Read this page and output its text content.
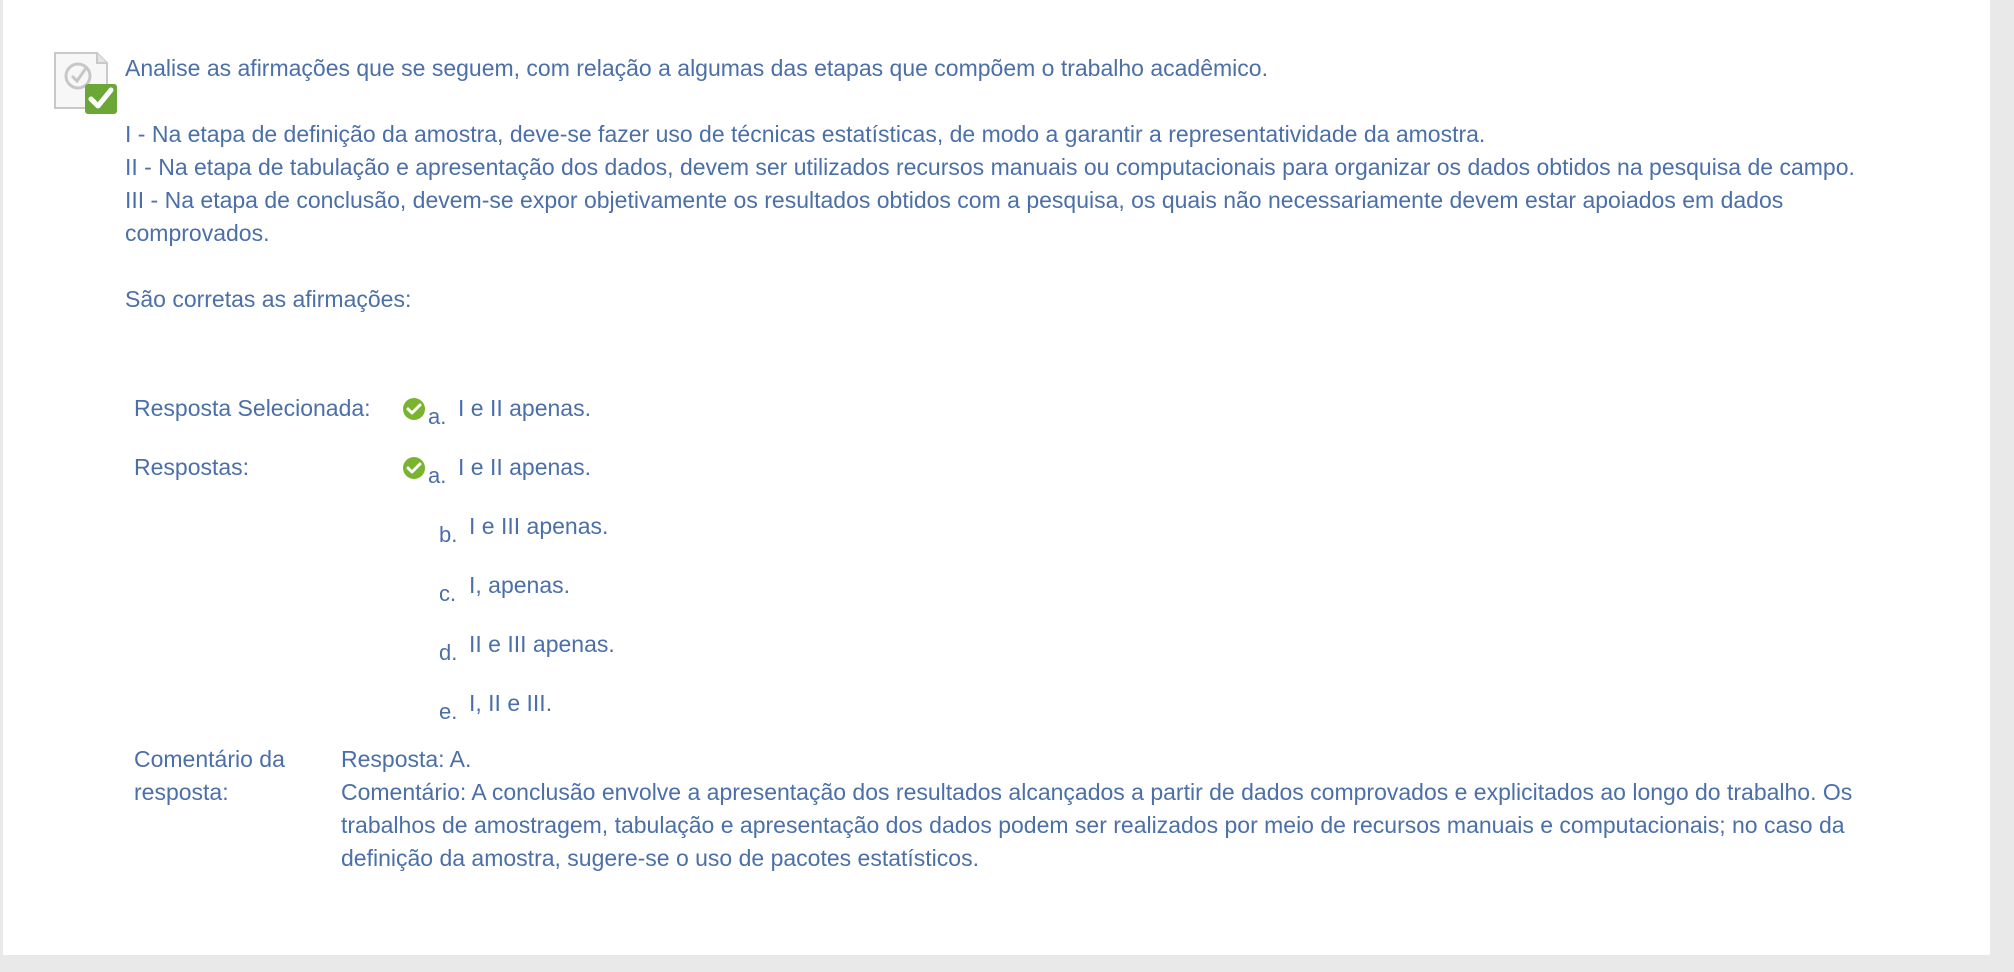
Analise as afirmações que se seguem, com relação a algumas das etapas que compõem o trabalho acadêmico.

I - Na etapa de definição da amostra, deve-se fazer uso de técnicas estatísticas, de modo a garantir a representatividade da amostra.

II - Na etapa de tabulação e apresentação dos dados, devem ser utilizados recursos manuais ou computacionais para organizar os dados obtidos na pesquisa de campo.

III - Na etapa de conclusão, devem-se expor objetivamente os resultados obtidos com a pesquisa, os quais não necessariamente devem estar apoiados em dados comprovados.

São corretas as afirmações:

Resposta Selecionada:	a. I e II apenas.
Respostas:	a. I e II apenas.
b. I e III apenas.
c. I, apenas.
d. II e III apenas.
e. I, II e III.
Comentário da
resposta:
Resposta: A.
Comentário: A conclusão envolve a apresentação dos resultados alcançados a partir de dados comprovados e explicitados ao longo do trabalho. Os trabalhos de amostragem, tabulação e apresentação dos dados podem ser realizados por meio de recursos manuais e computacionais; no caso da definição da amostra, sugere-se o uso de pacotes estatísticos.
